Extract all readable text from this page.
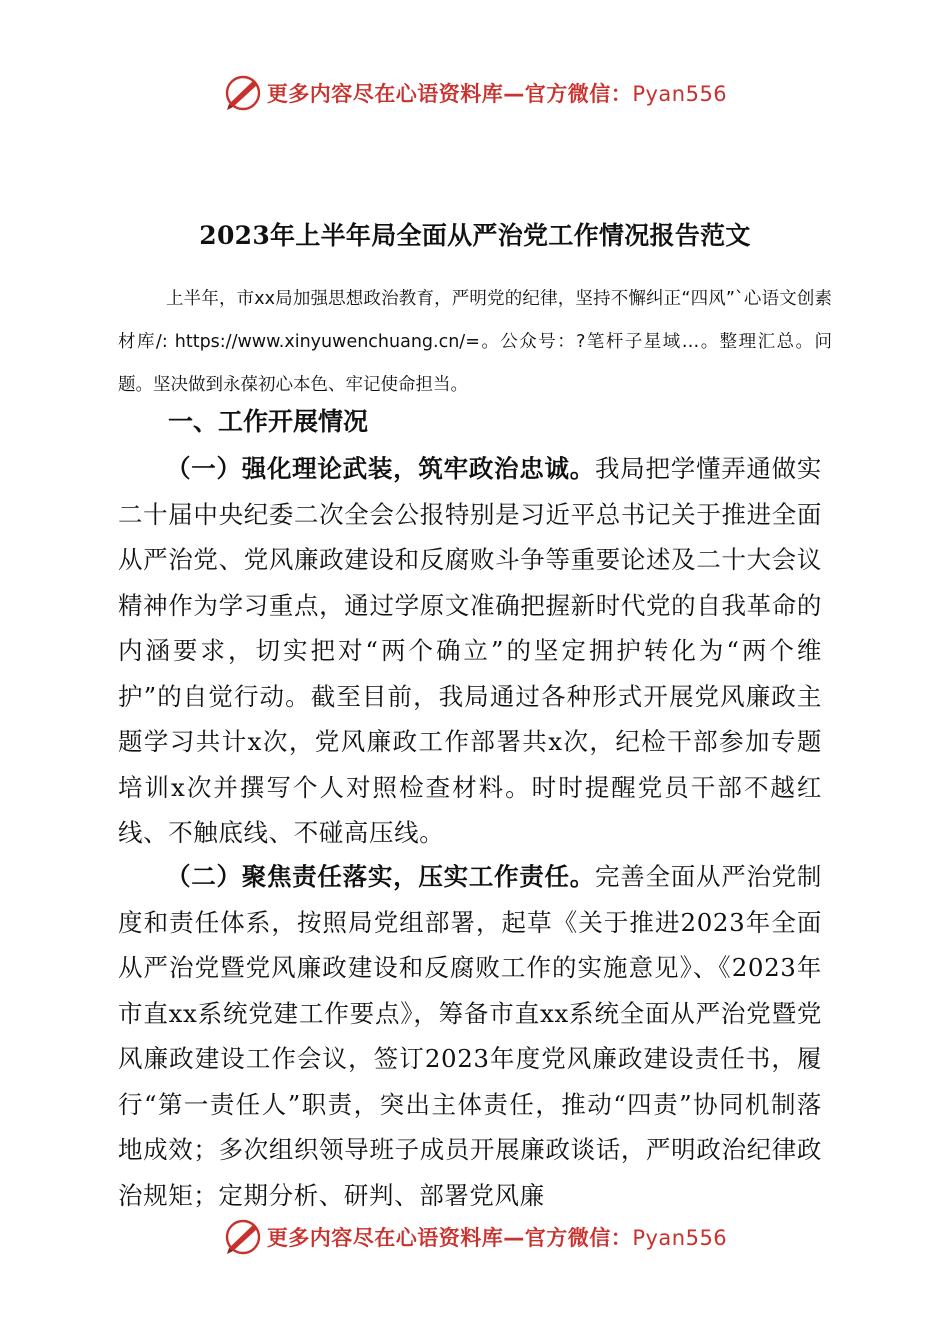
更多内容尽在心语资料库—官方微信：Pyan556
2023年上半年局全面从严治党工作情况报告范文

上半年，市xx局加强思想政治教育，严明党的纪律，坚持不懈纠正“四风”`心语文创素材库/: https://www.xinyuwenchuang.cn/=。公众号：?笔杆子星域…。整理汇总。问题。坚决做到永葆初心本色、牢记使命担当。

一、工作开展情况

（一）强化理论武装，筑牢政治忠诚。我局把学懂弄通做实二十届中央纪委二次全会公报特别是习近平总书记关于推进全面从严治党、党风廉政建设和反腐败斗争等重要论述及二十大会议精神作为学习重点，通过学原文准确把握新时代党的自我革命的内涵要求，切实把对“两个确立”的坚定拥护转化为“两个维护”的自觉行动。截至目前，我局通过各种形式开展党风廉政主题学习共计x次，党风廉政工作部署共x次，纪检干部参加专题培训x次并撰写个人对照检查材料。时时提醒党员干部不越红线、不触底线、不碰高压线。

（二）聚焦责任落实，压实工作责任。完善全面从严治党制度和责任体系，按照局党组部署，起草《关于推进2023年全面从严治党暨党风廉政建设和反腐败工作的实施意见》、《2023年市直xx系统党建工作要点》，筹备市直xx系统全面从严治党暨党风廉政建设工作会议，签订2023年度党风廉政建设责任书，履行“第一责任人”职责，突出主体责任，推动“四责”协同机制落地成效；多次组织领导班子成员开展廉政谈话，严明政治纪律政治规矩；定期分析、研判、部署党风廉

更多内容尽在心语资料库—官方微信：Pyan556
